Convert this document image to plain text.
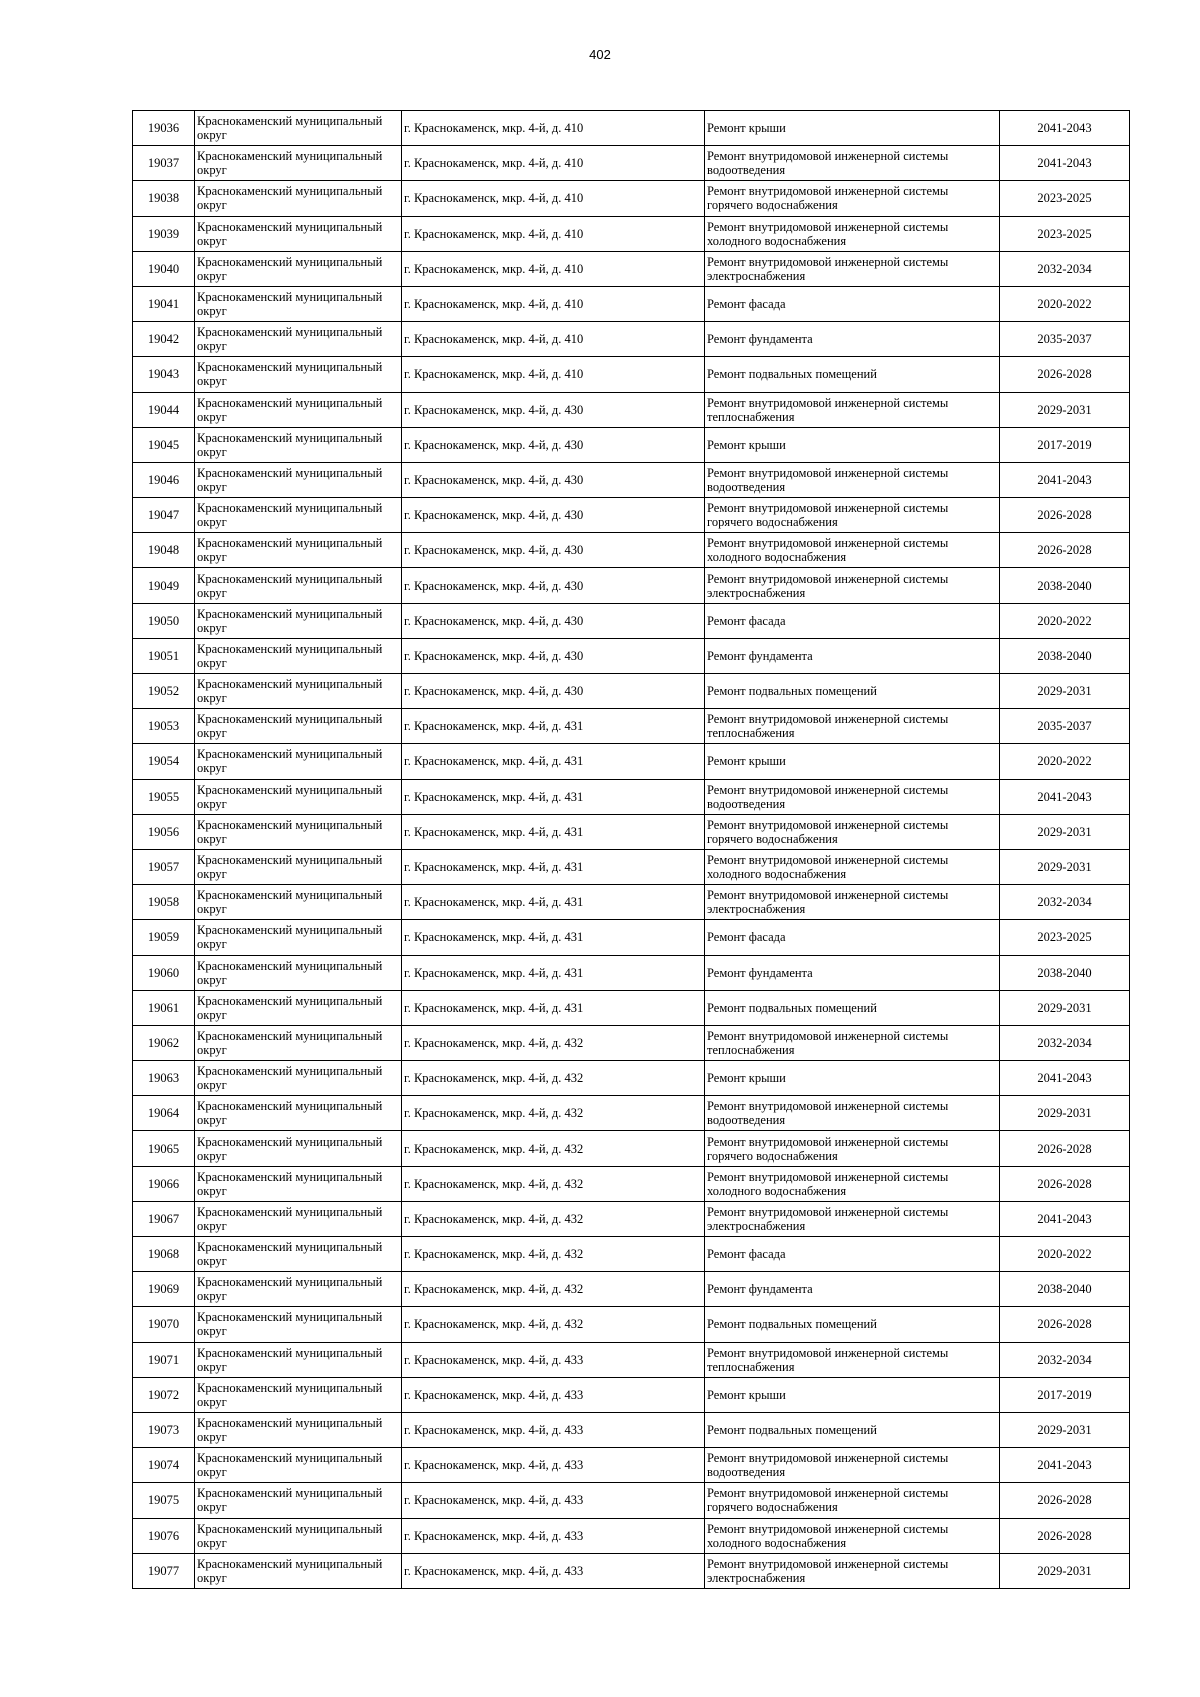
402
19036	Краснокаменский муниципальный округ	г. Краснокаменск, мкр. 4-й, д. 410	Ремонт крыши	2041-2043
19037	Краснокаменский муниципальный округ	г. Краснокаменск, мкр. 4-й, д. 410	Ремонт внутридомовой инженерной системы водоотведения	2041-2043
19038	Краснокаменский муниципальный округ	г. Краснокаменск, мкр. 4-й, д. 410	Ремонт внутридомовой инженерной системы горячего водоснабжения	2023-2025
19039	Краснокаменский муниципальный округ	г. Краснокаменск, мкр. 4-й, д. 410	Ремонт внутридомовой инженерной системы холодного водоснабжения	2023-2025
19040	Краснокаменский муниципальный округ	г. Краснокаменск, мкр. 4-й, д. 410	Ремонт внутридомовой инженерной системы электроснабжения	2032-2034
19041	Краснокаменский муниципальный округ	г. Краснокаменск, мкр. 4-й, д. 410	Ремонт фасада	2020-2022
19042	Краснокаменский муниципальный округ	г. Краснокаменск, мкр. 4-й, д. 410	Ремонт фундамента	2035-2037
19043	Краснокаменский муниципальный округ	г. Краснокаменск, мкр. 4-й, д. 410	Ремонт подвальных помещений	2026-2028
19044	Краснокаменский муниципальный округ	г. Краснокаменск, мкр. 4-й, д. 430	Ремонт внутридомовой инженерной системы теплоснабжения	2029-2031
19045	Краснокаменский муниципальный округ	г. Краснокаменск, мкр. 4-й, д. 430	Ремонт крыши	2017-2019
19046	Краснокаменский муниципальный округ	г. Краснокаменск, мкр. 4-й, д. 430	Ремонт внутридомовой инженерной системы водоотведения	2041-2043
19047	Краснокаменский муниципальный округ	г. Краснокаменск, мкр. 4-й, д. 430	Ремонт внутридомовой инженерной системы горячего водоснабжения	2026-2028
19048	Краснокаменский муниципальный округ	г. Краснокаменск, мкр. 4-й, д. 430	Ремонт внутридомовой инженерной системы холодного водоснабжения	2026-2028
19049	Краснокаменский муниципальный округ	г. Краснокаменск, мкр. 4-й, д. 430	Ремонт внутридомовой инженерной системы электроснабжения	2038-2040
19050	Краснокаменский муниципальный округ	г. Краснокаменск, мкр. 4-й, д. 430	Ремонт фасада	2020-2022
19051	Краснокаменский муниципальный округ	г. Краснокаменск, мкр. 4-й, д. 430	Ремонт фундамента	2038-2040
19052	Краснокаменский муниципальный округ	г. Краснокаменск, мкр. 4-й, д. 430	Ремонт подвальных помещений	2029-2031
19053	Краснокаменский муниципальный округ	г. Краснокаменск, мкр. 4-й, д. 431	Ремонт внутридомовой инженерной системы теплоснабжения	2035-2037
19054	Краснокаменский муниципальный округ	г. Краснокаменск, мкр. 4-й, д. 431	Ремонт крыши	2020-2022
19055	Краснокаменский муниципальный округ	г. Краснокаменск, мкр. 4-й, д. 431	Ремонт внутридомовой инженерной системы водоотведения	2041-2043
19056	Краснокаменский муниципальный округ	г. Краснокаменск, мкр. 4-й, д. 431	Ремонт внутридомовой инженерной системы горячего водоснабжения	2029-2031
19057	Краснокаменский муниципальный округ	г. Краснокаменск, мкр. 4-й, д. 431	Ремонт внутридомовой инженерной системы холодного водоснабжения	2029-2031
19058	Краснокаменский муниципальный округ	г. Краснокаменск, мкр. 4-й, д. 431	Ремонт внутридомовой инженерной системы электроснабжения	2032-2034
19059	Краснокаменский муниципальный округ	г. Краснокаменск, мкр. 4-й, д. 431	Ремонт фасада	2023-2025
19060	Краснокаменский муниципальный округ	г. Краснокаменск, мкр. 4-й, д. 431	Ремонт фундамента	2038-2040
19061	Краснокаменский муниципальный округ	г. Краснокаменск, мкр. 4-й, д. 431	Ремонт подвальных помещений	2029-2031
19062	Краснокаменский муниципальный округ	г. Краснокаменск, мкр. 4-й, д. 432	Ремонт внутридомовой инженерной системы теплоснабжения	2032-2034
19063	Краснокаменский муниципальный округ	г. Краснокаменск, мкр. 4-й, д. 432	Ремонт крыши	2041-2043
19064	Краснокаменский муниципальный округ	г. Краснокаменск, мкр. 4-й, д. 432	Ремонт внутридомовой инженерной системы водоотведения	2029-2031
19065	Краснокаменский муниципальный округ	г. Краснокаменск, мкр. 4-й, д. 432	Ремонт внутридомовой инженерной системы горячего водоснабжения	2026-2028
19066	Краснокаменский муниципальный округ	г. Краснокаменск, мкр. 4-й, д. 432	Ремонт внутридомовой инженерной системы холодного водоснабжения	2026-2028
19067	Краснокаменский муниципальный округ	г. Краснокаменск, мкр. 4-й, д. 432	Ремонт внутридомовой инженерной системы электроснабжения	2041-2043
19068	Краснокаменский муниципальный округ	г. Краснокаменск, мкр. 4-й, д. 432	Ремонт фасада	2020-2022
19069	Краснокаменский муниципальный округ	г. Краснокаменск, мкр. 4-й, д. 432	Ремонт фундамента	2038-2040
19070	Краснокаменский муниципальный округ	г. Краснокаменск, мкр. 4-й, д. 432	Ремонт подвальных помещений	2026-2028
19071	Краснокаменский муниципальный округ	г. Краснокаменск, мкр. 4-й, д. 433	Ремонт внутридомовой инженерной системы теплоснабжения	2032-2034
19072	Краснокаменский муниципальный округ	г. Краснокаменск, мкр. 4-й, д. 433	Ремонт крыши	2017-2019
19073	Краснокаменский муниципальный округ	г. Краснокаменск, мкр. 4-й, д. 433	Ремонт подвальных помещений	2029-2031
19074	Краснокаменский муниципальный округ	г. Краснокаменск, мкр. 4-й, д. 433	Ремонт внутридомовой инженерной системы водоотведения	2041-2043
19075	Краснокаменский муниципальный округ	г. Краснокаменск, мкр. 4-й, д. 433	Ремонт внутридомовой инженерной системы горячего водоснабжения	2026-2028
19076	Краснокаменский муниципальный округ	г. Краснокаменск, мкр. 4-й, д. 433	Ремонт внутридомовой инженерной системы холодного водоснабжения	2026-2028
19077	Краснокаменский муниципальный округ	г. Краснокаменск, мкр. 4-й, д. 433	Ремонт внутридомовой инженерной системы электроснабжения	2029-2031
